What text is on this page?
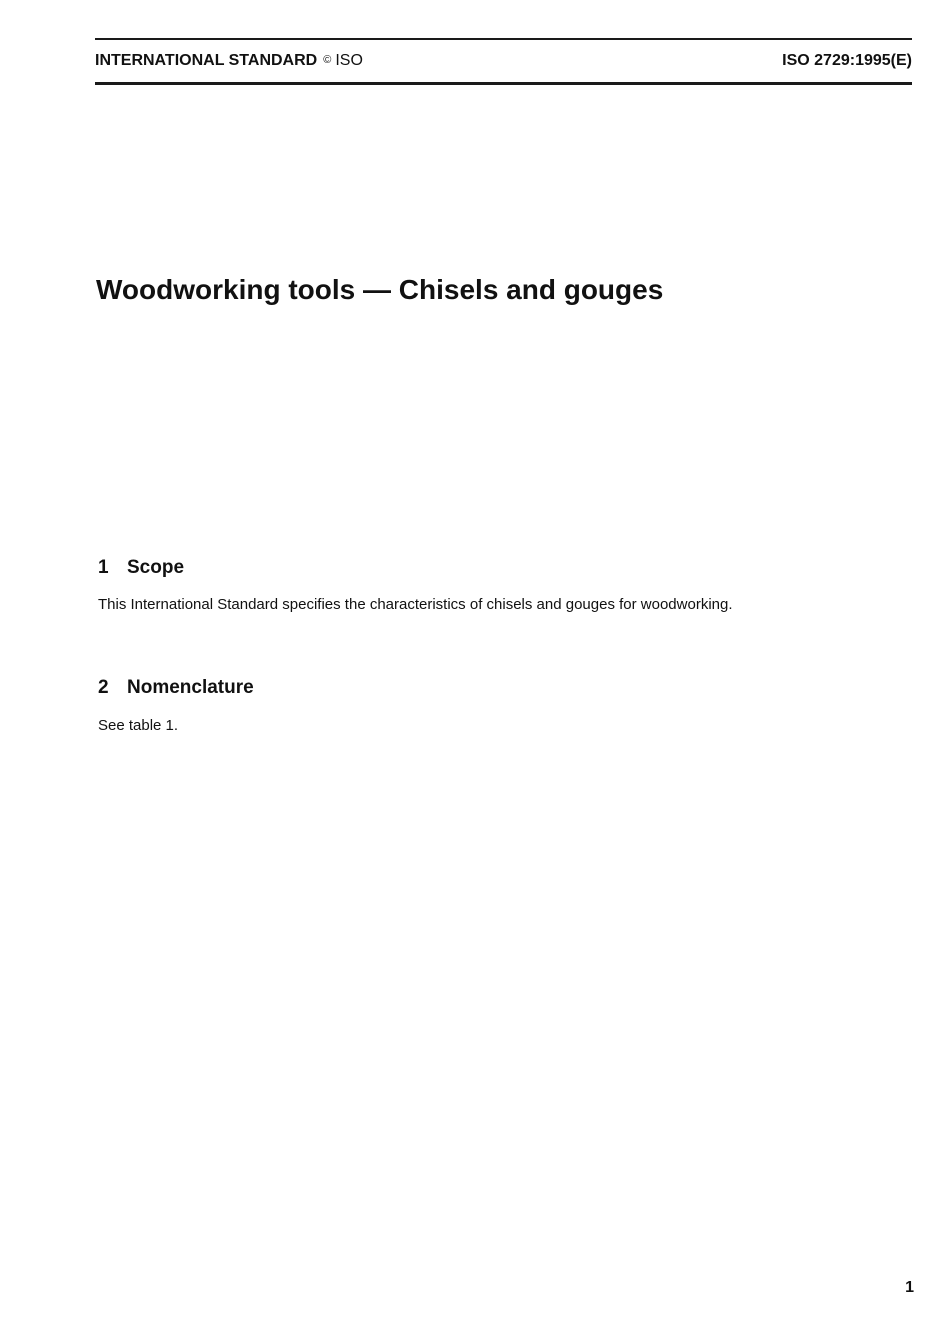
INTERNATIONAL STANDARD © ISO	ISO 2729:1995(E)
Woodworking tools — Chisels and gouges
1 Scope

This International Standard specifies the characteristics of chisels and gouges for woodworking.

2 Nomenclature

See table 1.

1
